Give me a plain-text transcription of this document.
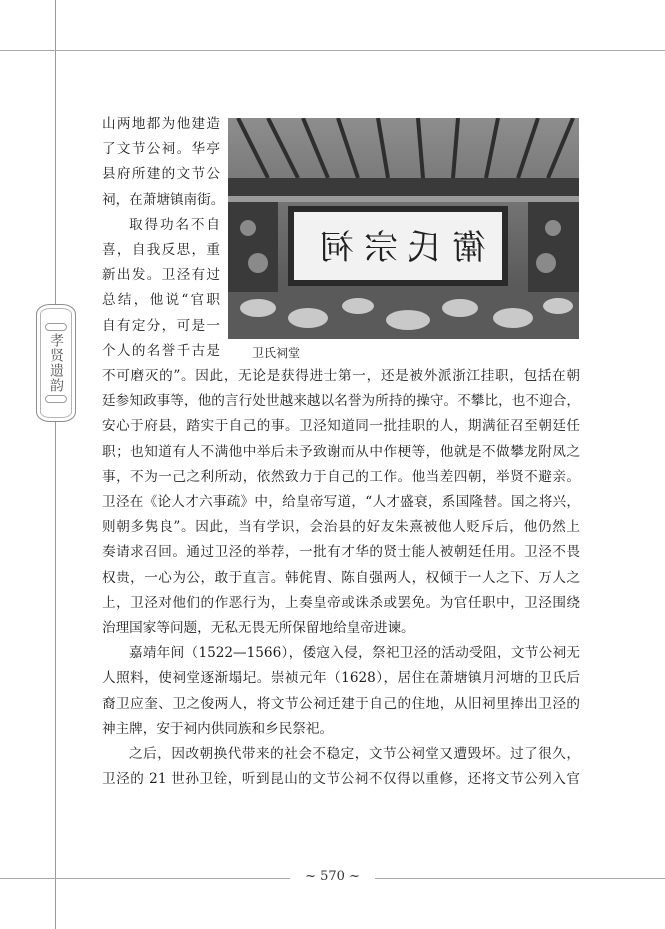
孝贤遗韵
衛氏宗祠
卫氏祠堂
山两地都为他建造
了文节公祠。华亭
县府所建的文节公
祠，在萧塘镇南街。
取得功名不自
喜，自我反思，重
新出发。卫泾有过
总结，他说“官职
自有定分，可是一
个人的名誉千古是
不可磨灭的”。因此，无论是获得进士第一，还是被外派浙江挂职，包括在朝
廷参知政事等，他的言行处世越来越以名誉为所持的操守。不攀比，也不迎合，
安心于府县，踏实于自己的事。卫泾知道同一批挂职的人，期满征召至朝廷任
职；也知道有人不满他中举后未予致谢而从中作梗等，他就是不做攀龙附凤之
事，不为一己之利所动，依然致力于自己的工作。他当差四朝，举贤不避亲。
卫泾在《论人才六事疏》中，给皇帝写道，“人才盛衰，系国隆替。国之将兴，
则朝多隽良”。因此，当有学识，会治县的好友朱熹被他人贬斥后，他仍然上
奏请求召回。通过卫泾的举荐，一批有才华的贤士能人被朝廷任用。卫泾不畏
权贵，一心为公，敢于直言。韩侂胄、陈自强两人，权倾于一人之下、万人之
上，卫泾对他们的作恶行为，上奏皇帝或诛杀或罢免。为官任职中，卫泾围绕
治理国家等问题，无私无畏无所保留地给皇帝进谏。
嘉靖年间（1522—1566），倭寇入侵，祭祀卫泾的活动受阻，文节公祠无
人照料，使祠堂逐渐塌圮。崇祯元年（1628），居住在萧塘镇月河塘的卫氏后
裔卫应奎、卫之俊两人，将文节公祠迁建于自己的住地，从旧祠里捧出卫泾的
神主牌，安于祠内供同族和乡民祭祀。
之后，因改朝换代带来的社会不稳定，文节公祠堂又遭毁坏。过了很久，
卫泾的 21 世孙卫铨，听到昆山的文节公祠不仅得以重修，还将文节公列入官
~ 570 ~
